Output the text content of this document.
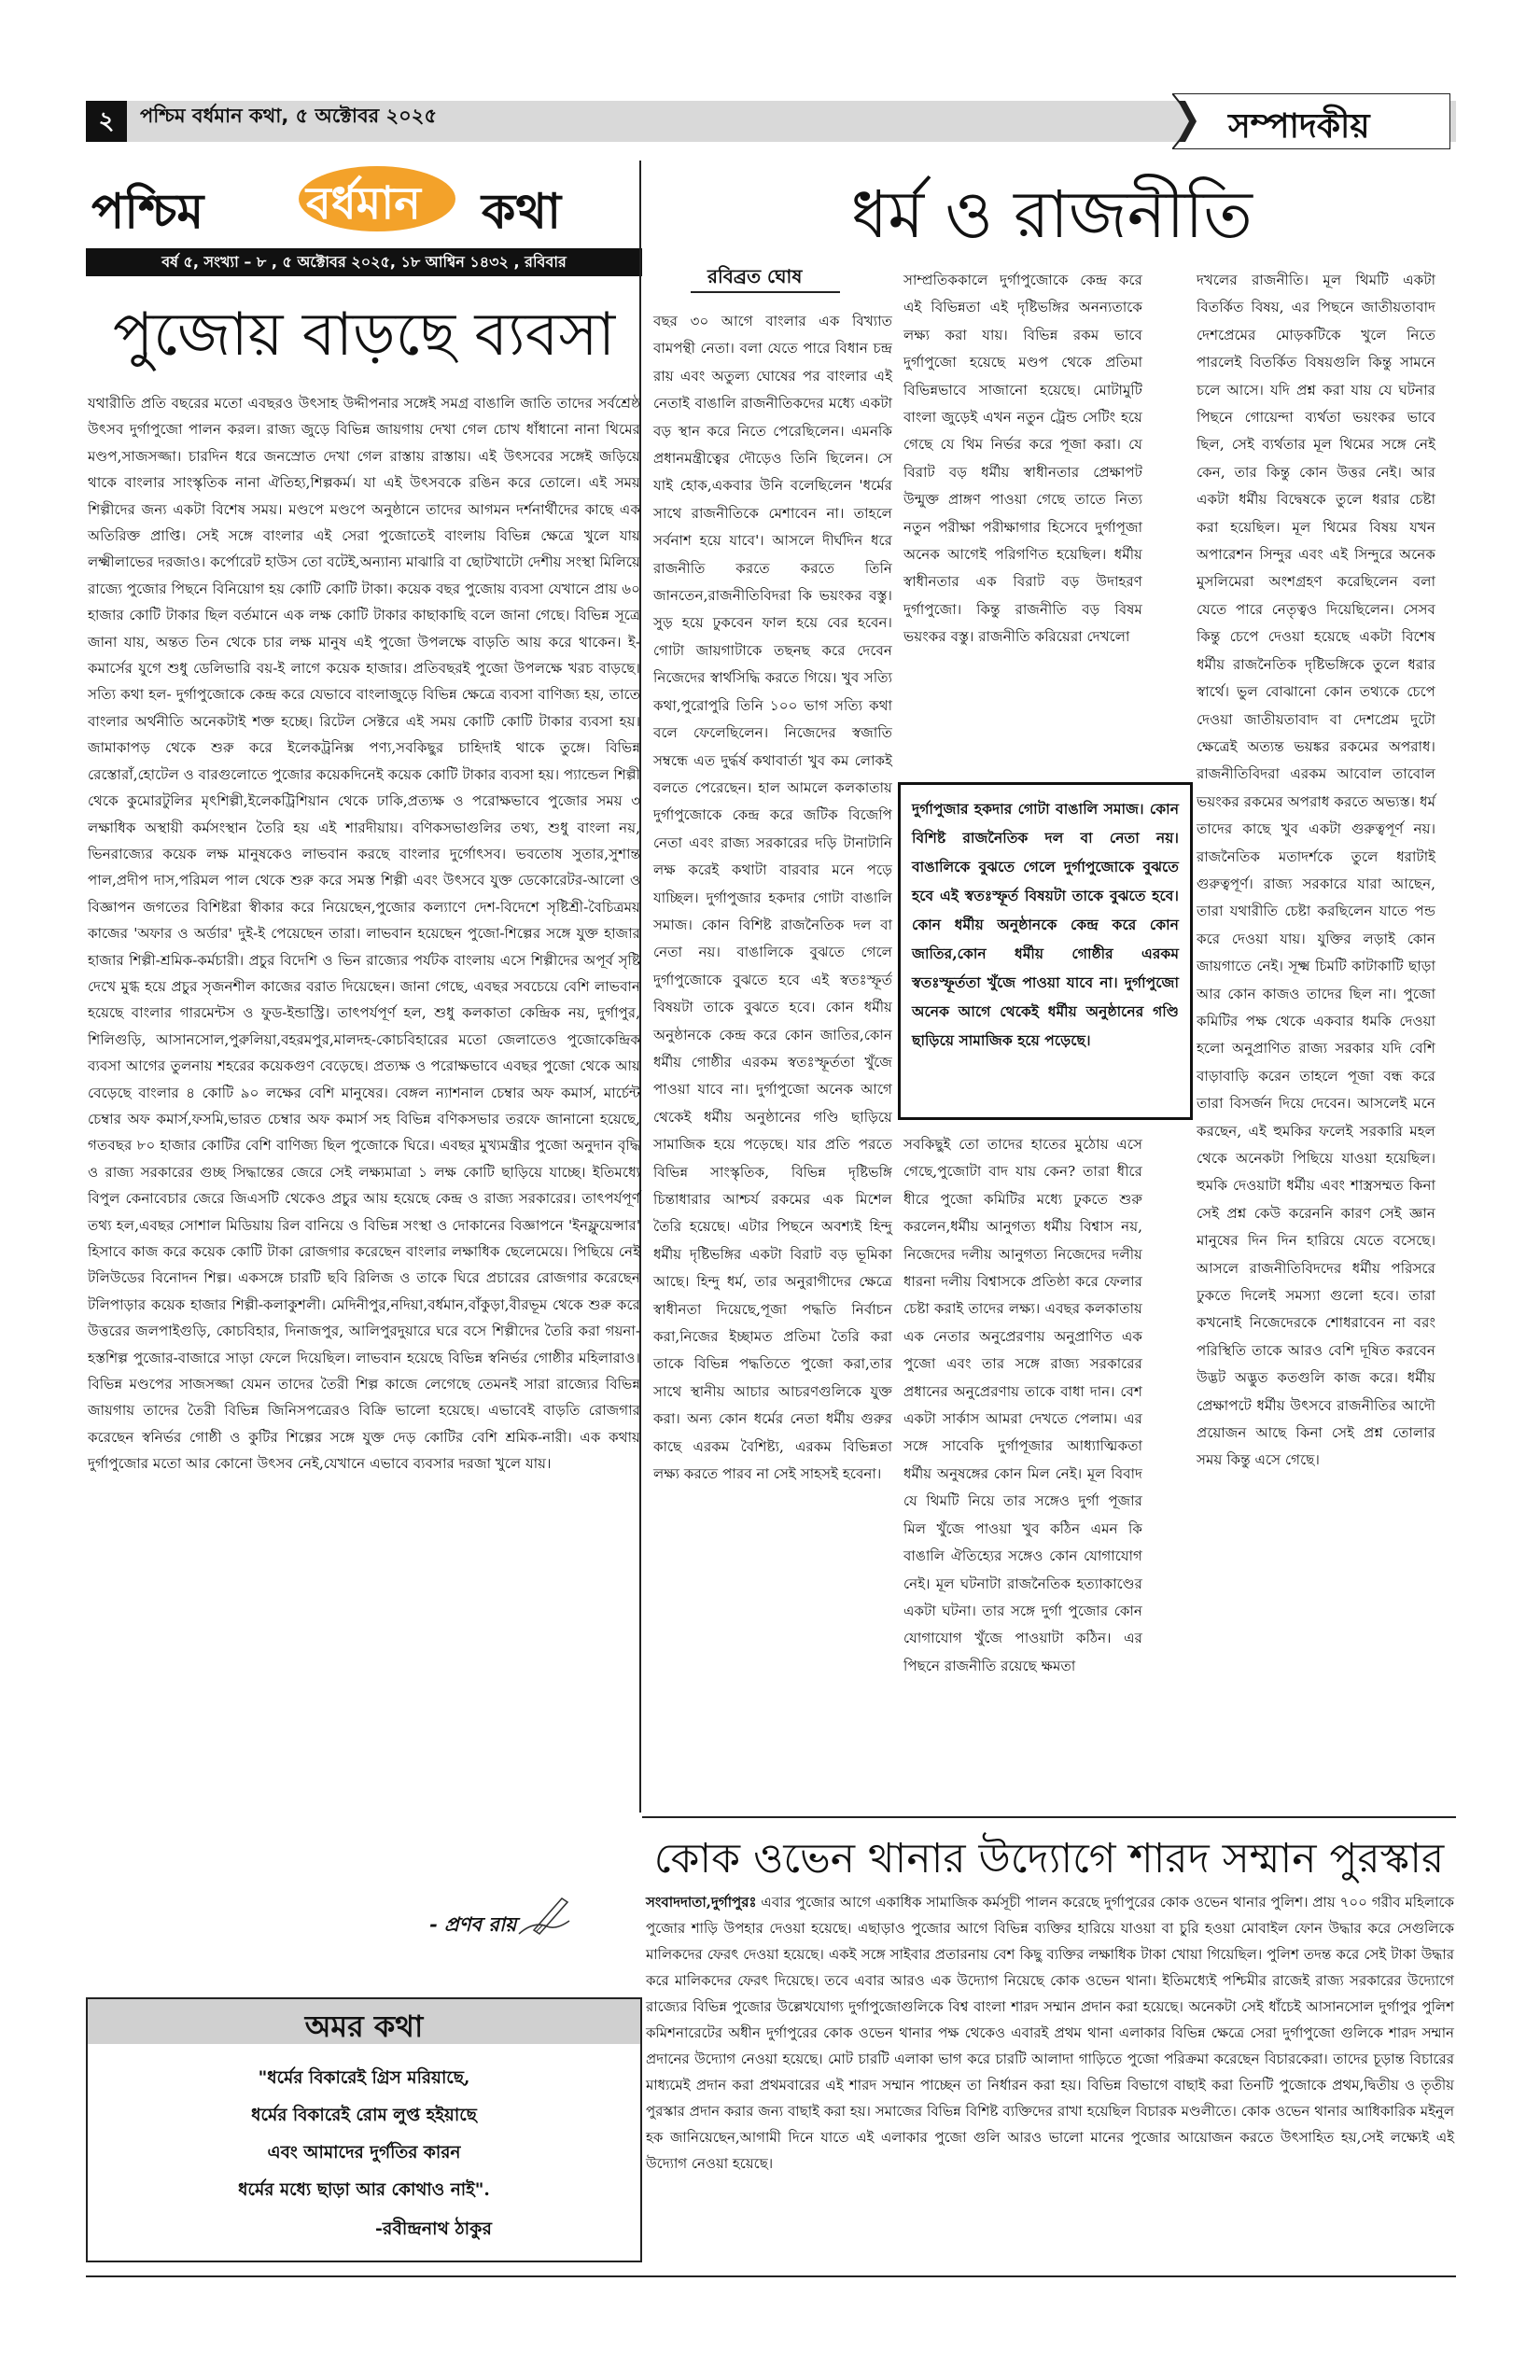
২	পশ্চিম বর্ধমান কথা, ৫ অক্টোবর ২০২৫	সম্পাদকীয়
পশ্চিম বর্ধমান কথা
বর্ষ ৫, সংখ্যা – ৮ , ৫ অক্টোবর ২০২৫, ১৮ আশ্বিন ১৪৩২ , রবিবার
পুজোয় বাড়ছে ব্যবসা
যথারীতি প্রতি বছরের মতো এবছরও উৎসাহ উদ্দীপনার সঙ্গেই সমগ্র বাঙালি জাতি তাদের সর্বশ্রেষ্ঠ উৎসব দুর্গাপুজো পালন করল। রাজ্য জুড়ে বিভিন্ন জায়গায় দেখা গেল চোখ ধাঁধানো নানা থিমের মণ্ডপ,সাজসজ্জা। চারদিন ধরে জনস্রোত দেখা গেল রাস্তায় রাস্তায়। এই উৎসবের সঙ্গেই জড়িয়ে থাকে বাংলার সাংস্কৃতিক নানা ঐতিহ্য,শিল্পকর্ম। যা এই উৎসবকে রঙিন করে তোলে। এই সময় শিল্পীদের জন্য একটা বিশেষ সময়। মণ্ডপে মণ্ডপে অনুষ্ঠানে তাদের আগমন দর্শনার্থীদের কাছে এক অতিরিক্ত প্রাপ্তি। সেই সঙ্গে বাংলার এই সেরা পুজোতেই বাংলায় বিভিন্ন ক্ষেত্রে খুলে যায় লক্ষ্মীলাভের দরজাও। কর্পোরেট হাউস তো বটেই,অন্যান্য মাঝারি বা ছোটখাটো দেশীয় সংস্থা মিলিয়ে রাজ্যে পুজোর পিছনে বিনিয়োগ হয় কোটি কোটি টাকা। কয়েক বছর পুজোয় ব্যবসা যেখানে প্রায় ৬০ হাজার কোটি টাকার ছিল বর্তমানে এক লক্ষ কোটি টাকার কাছাকাছি বলে জানা গেছে। বিভিন্ন সূত্রে জানা যায়, অন্তত তিন থেকে চার লক্ষ মানুষ এই পুজো উপলক্ষে বাড়তি আয় করে থাকেন। ই-কমার্সের যুগে শুধু ডেলিভারি বয়-ই লাগে কয়েক হাজার। প্রতিবছরই পুজো উপলক্ষে খরচ বাড়ছে। সত্যি কথা হল- দুর্গাপুজোকে কেন্দ্র করে যেভাবে বাংলাজুড়ে বিভিন্ন ক্ষেত্রে ব্যবসা বাণিজ্য হয়, তাতে বাংলার অর্থনীতি অনেকটাই শক্ত হচ্ছে। রিটেল সেক্টরে এই সময় কোটি কোটি টাকার ব্যবসা হয়। জামাকাপড় থেকে শুরু করে ইলেকট্রনিক্স পণ্য,সবকিছুর চাহিদাই থাকে তুঙ্গে। বিভিন্ন রেস্তোরাঁ,হোটেল ও বারগুলোতে পুজোর কয়েকদিনেই কয়েক কোটি টাকার ব্যবসা হয়। প্যান্ডেল শিল্পী থেকে কুমোরটুলির মৃৎশিল্পী,ইলেকট্রিশিয়ান থেকে ঢাকি,প্রত্যক্ষ ও পরোক্ষভাবে পুজোর সময় ৩ লক্ষাধিক অস্থায়ী কর্মসংস্থান তৈরি হয় এই শারদীয়ায়। বণিকসভাগুলির তথ্য, শুধু বাংলা নয়, ভিনরাজ্যের কয়েক লক্ষ মানুষকেও লাভবান করছে বাংলার দুর্গোৎসব। ভবতোষ সুতার,সুশান্ত পাল,প্রদীপ দাস,পরিমল পাল থেকে শুরু করে সমস্ত শিল্পী এবং উৎসবে যুক্ত ডেকোরেটর-আলো ও বিজ্ঞাপন জগতের বিশিষ্টরা স্বীকার করে নিয়েছেন,পুজোর কল্যাণে দেশ-বিদেশে সৃষ্টিশ্রী-বৈচিত্রময় কাজের 'অফার ও অর্ডার' দুই-ই পেয়েছেন তারা। লাভবান হয়েছেন পুজো-শিল্পের সঙ্গে যুক্ত হাজার হাজার শিল্পী-শ্রমিক-কর্মচারী। প্রচুর বিদেশি ও ভিন রাজ্যের পর্যটক বাংলায় এসে শিল্পীদের অপূর্ব সৃষ্টি দেখে মুগ্ধ হয়ে প্রচুর সৃজনশীল কাজের বরাত দিয়েছেন। জানা গেছে, এবছর সবচেয়ে বেশি লাভবান হয়েছে বাংলার গারমেন্টস ও ফুড-ইন্ডাস্ট্রি। তাৎপর্যপূর্ণ হল, শুধু কলকাতা কেন্দ্রিক নয়, দুর্গাপুর, শিলিগুড়ি, আসানসোল,পুরুলিয়া,বহরমপুর,মালদহ-কোচবিহারের মতো জেলাতেও পুজোকেন্দ্রিক ব্যবসা আগের তুলনায় শহরের কয়েকগুণ বেড়েছে। প্রত্যক্ষ ও পরোক্ষভাবে এবছর পুজো থেকে আয় বেড়েছে বাংলার ৪ কোটি ৯০ লক্ষের বেশি মানুষের। বেঙ্গল ন্যাশনাল চেম্বার অফ কমার্স, মার্চেন্ট চেম্বার অফ কমার্স,ফসমি,ভারত চেম্বার অফ কমার্স সহ বিভিন্ন বণিকসভার তরফে জানানো হয়েছে, গতবছর ৮০ হাজার কোটির বেশি বাণিজ্য ছিল পুজোকে ঘিরে। এবছর মুখ্যমন্ত্রীর পুজো অনুদান বৃদ্ধি ও রাজ্য সরকারের গুচ্ছ সিদ্ধান্তের জেরে সেই লক্ষ্যমাত্রা ১ লক্ষ কোটি ছাড়িয়ে যাচ্ছে। ইতিমধ্যে বিপুল কেনাবেচার জেরে জিএসটি থেকেও প্রচুর আয় হয়েছে কেন্দ্র ও রাজ্য সরকারের। তাৎপর্যপূর্ণ তথ্য হল,এবছর সোশাল মিডিয়ায় রিল বানিয়ে ও বিভিন্ন সংস্থা ও দোকানের বিজ্ঞাপনে 'ইনফ্লুয়েন্সার' হিসাবে কাজ করে কয়েক কোটি টাকা রোজগার করেছেন বাংলার লক্ষাধিক ছেলেমেয়ে। পিছিয়ে নেই টলিউডের বিনোদন শিল্প। একসঙ্গে চারটি ছবি রিলিজ ও তাকে ঘিরে প্রচারের রোজগার করেছেন টলিপাড়ার কয়েক হাজার শিল্পী-কলাকুশলী। মেদিনীপুর,নদিয়া,বর্ধমান,বাঁকুড়া,বীরভূম থেকে শুরু করে উত্তরের জলপাইগুড়ি, কোচবিহার, দিনাজপুর, আলিপুরদুয়ারে ঘরে বসে শিল্পীদের তৈরি করা গয়না-হস্তশিল্প পুজোর-বাজারে সাড়া ফেলে দিয়েছিল। লাভবান হয়েছে বিভিন্ন স্বনির্ভর গোষ্ঠীর মহিলারাও। বিভিন্ন মণ্ডপের সাজসজ্জা যেমন তাদের তৈরী শিল্প কাজে লেগেছে তেমনই সারা রাজ্যের বিভিন্ন জায়গায় তাদের তৈরী বিভিন্ন জিনিসপত্রেরও বিক্রি ভালো হয়েছে। এভাবেই বাড়তি রোজগার করেছেন স্বনির্ভর গোষ্ঠী ও কুটির শিল্পের সঙ্গে যুক্ত দেড় কোটির বেশি শ্রমিক-নারী। এক কথায় দুর্গাপুজোর মতো আর কোনো উৎসব নেই,যেখানে এভাবে ব্যবসার দরজা খুলে যায়।
- প্রণব রায়
অমর কথা
"ধর্মের বিকারেই গ্রিস মরিয়াছে,
ধর্মের বিকারেই রোম লুপ্ত হইয়াছে
এবং আমাদের দুর্গতির কারন
ধর্মের মধ্যে ছাড়া আর কোথাও নাই".
-রবীন্দ্রনাথ ঠাকুর
ধর্ম ও রাজনীতি
রবিব্রত ঘোষ
বছর ৩০ আগে বাংলার এক বিখ্যাত বামপন্থী নেতা। বলা যেতে পারে বিধান চন্দ্র রায় এবং অতুল্য ঘোষের পর বাংলার এই নেতাই বাঙালি রাজনীতিকদের মধ্যে একটা বড় স্থান করে নিতে পেরেছিলেন। এমনকি প্রধানমন্ত্রীত্বের দৌড়েও তিনি ছিলেন। সে যাই হোক,একবার উনি বলেছিলেন 'ধর্মের সাথে রাজনীতিকে মেশাবেন না। তাহলে সর্বনাশ হয়ে যাবে'। আসলে দীর্ঘদিন ধরে রাজনীতি করতে করতে তিনি জানতেন,রাজনীতিবিদরা কি ভয়ংকর বস্তু। সুড় হয়ে ঢুকবেন ফাল হয়ে বের হবেন। গোটা জায়গাটাকে তছনছ করে দেবেন নিজেদের স্বার্থসিদ্ধি করতে গিয়ে। খুব সত্যি কথা,পুরোপুরি তিনি ১০০ ভাগ সত্যি কথা বলে ফেলেছিলেন। নিজেদের স্বজাতি সম্বন্ধে এত দুর্দ্ধর্ষ কথাবার্তা খুব কম লোকই বলতে পেরেছেন। হাল আমলে কলকাতায় দুর্গাপুজোকে কেন্দ্র করে জটিক বিজেপি নেতা এবং রাজ্য সরকারের দড়ি টানাটানি লক্ষ করেই কথাটা বারবার মনে পড়ে যাচ্ছিল। দুর্গাপুজার হকদার গোটা বাঙালি সমাজ। কোন বিশিষ্ট রাজনৈতিক দল বা নেতা নয়। বাঙালিকে বুঝতে গেলে দুর্গাপুজোকে বুঝতে হবে এই স্বতঃস্ফূর্ত বিষয়টা তাকে বুঝতে হবে। কোন ধর্মীয় অনুষ্ঠানকে কেন্দ্র করে কোন জাতির,কোন ধর্মীয় গোষ্ঠীর এরকম স্বতঃস্ফূর্ততা খুঁজে পাওয়া যাবে না। দুর্গাপুজো অনেক আগে থেকেই ধর্মীয় অনুষ্ঠানের গণ্ডি ছাড়িয়ে সামাজিক হয়ে পড়েছে। যার প্রতি পরতে বিভিন্ন সাংস্কৃতিক, বিভিন্ন দৃষ্টিভঙ্গি চিন্তাধারার আশ্চর্য রকমের এক মিশেল তৈরি হয়েছে। এটার পিছনে অবশ্যই হিন্দু ধর্মীয় দৃষ্টিভঙ্গির একটা বিরাট বড় ভূমিকা আছে। হিন্দু ধর্ম, তার অনুরাগীদের ক্ষেত্রে স্বাধীনতা দিয়েছে,পূজা পদ্ধতি নির্বাচন করা,নিজের ইচ্ছামত প্রতিমা তৈরি করা তাকে বিভিন্ন পদ্ধতিতে পুজো করা,তার সাথে স্থানীয় আচার আচরণগুলিকে যুক্ত করা। অন্য কোন ধর্মের নেতা ধর্মীয় গুরুর কাছে এরকম বৈশিষ্ট্য, এরকম বিভিন্নতা লক্ষ্য করতে পারব না সেই সাহসই হবেনা।
সাম্প্রতিককালে দুর্গাপুজোকে কেন্দ্র করে এই বিভিন্নতা এই দৃষ্টিভঙ্গির অনন্যতাকে লক্ষ্য করা যায়। বিভিন্ন রকম ভাবে দুর্গাপুজো হয়েছে মণ্ডপ থেকে প্রতিমা বিভিন্নভাবে সাজানো হয়েছে। মোটামুটি বাংলা জুড়েই এখন নতুন ট্রেন্ড সেটিং হয়ে গেছে যে থিম নির্ভর করে পূজা করা। যে বিরাট বড় ধর্মীয় স্বাধীনতার প্রেক্ষাপট উন্মুক্ত প্রাঙ্গণ পাওয়া গেছে তাতে নিত্য নতুন পরীক্ষা পরীক্ষাগার হিসেবে দুর্গাপূজা অনেক আগেই পরিগণিত হয়েছিল। ধর্মীয় স্বাধীনতার এক বিরাট বড় উদাহরণ দুর্গাপুজো। কিন্তু রাজনীতি বড় বিষম ভয়ংকর বস্তু। রাজনীতি করিয়েরা দেখলো
দুর্গাপুজার হকদার গোটা বাঙালি সমাজ। কোন বিশিষ্ট রাজনৈতিক দল বা নেতা নয়। বাঙালিকে বুঝতে গেলে দুর্গাপুজোকে বুঝতে হবে এই স্বতঃস্ফূর্ত বিষয়টা তাকে বুঝতে হবে। কোন ধর্মীয় অনুষ্ঠানকে কেন্দ্র করে কোন জাতির,কোন ধর্মীয় গোষ্ঠীর এরকম স্বতঃস্ফূর্ততা খুঁজে পাওয়া যাবে না। দুর্গাপুজো অনেক আগে থেকেই ধর্মীয় অনুষ্ঠানের গণ্ডি ছাড়িয়ে সামাজিক হয়ে পড়েছে।
সবকিছুই তো তাদের হাতের মুঠোয় এসে গেছে,পুজোটা বাদ যায় কেন? তারা ধীরে ধীরে পুজো কমিটির মধ্যে ঢুকতে শুরু করলেন,ধর্মীয় আনুগত্য ধর্মীয় বিশ্বাস নয়, নিজেদের দলীয় আনুগত্য নিজেদের দলীয় ধারনা দলীয় বিশ্বাসকে প্রতিষ্ঠা করে ফেলার চেষ্টা করাই তাদের লক্ষ্য। এবছর কলকাতায় এক নেতার অনুপ্রেরণায় অনুপ্রাণিত এক পুজো এবং তার সঙ্গে রাজ্য সরকারের প্রধানের অনুপ্রেরণায় তাকে বাধা দান। বেশ একটা সার্কাস আমরা দেখতে পেলাম। এর সঙ্গে সাবেকি দুর্গাপূজার আধ্যাত্মিকতা ধর্মীয় অনুষঙ্গের কোন মিল নেই। মূল বিবাদ যে থিমটি নিয়ে তার সঙ্গেও দুর্গা পূজার মিল খুঁজে পাওয়া খুব কঠিন এমন কি বাঙালি ঐতিহ্যের সঙ্গেও কোন যোগাযোগ নেই। মূল ঘটনাটা রাজনৈতিক হত্যাকাণ্ডের একটা ঘটনা। তার সঙ্গে দুর্গা পুজোর কোন যোগাযোগ খুঁজে পাওয়াটা কঠিন। এর পিছনে রাজনীতি রয়েছে ক্ষমতা
দখলের রাজনীতি। মূল থিমটি একটা বিতর্কিত বিষয়, এর পিছনে জাতীয়তাবাদ দেশপ্রেমের মোড়কটিকে খুলে নিতে পারলেই বিতর্কিত বিষয়গুলি কিন্তু সামনে চলে আসে। যদি প্রশ্ন করা যায় যে ঘটনার পিছনে গোয়েন্দা ব্যর্থতা ভয়ংকর ভাবে ছিল, সেই ব্যর্থতার মূল থিমের সঙ্গে নেই কেন, তার কিন্তু কোন উত্তর নেই। আর একটা ধর্মীয় বিদ্বেষকে তুলে ধরার চেষ্টা করা হয়েছিল। মূল থিমের বিষয় যখন অপারেশন সিন্দুর এবং এই সিন্দুরে অনেক মুসলিমেরা অংশগ্রহণ করেছিলেন বলা যেতে পারে নেতৃত্বও দিয়েছিলেন। সেসব কিন্তু চেপে দেওয়া হয়েছে একটা বিশেষ ধর্মীয় রাজনৈতিক দৃষ্টিভঙ্গিকে তুলে ধরার স্বার্থে। ভুল বোঝানো কোন তথ্যকে চেপে দেওয়া জাতীয়তাবাদ বা দেশপ্রেম দুটো ক্ষেত্রেই অত্যন্ত ভয়ঙ্কর রকমের অপরাধ। রাজনীতিবিদরা এরকম আবোল তাবোল ভয়ংকর রকমের অপরাধ করতে অভ্যস্ত। ধর্ম তাদের কাছে খুব একটা গুরুত্বপূর্ণ নয়। রাজনৈতিক মতাদর্শকে তুলে ধরাটাই গুরুত্বপূর্ণ। রাজ্য সরকারে যারা আছেন, তারা যথারীতি চেষ্টা করছিলেন যাতে পন্ড করে দেওয়া যায়। যুক্তির লড়াই কোন জায়গাতে নেই। সূক্ষ্ম চিমটি কাটাকাটি ছাড়া আর কোন কাজও তাদের ছিল না। পুজো কমিটির পক্ষ থেকে একবার ধমকি দেওয়া হলো অনুপ্রাণিত রাজ্য সরকার যদি বেশি বাড়াবাড়ি করেন তাহলে পূজা বন্ধ করে তারা বিসর্জন দিয়ে দেবেন। আসলেই মনে করছেন, এই হুমকির ফলেই সরকারি মহল থেকে অনেকটা পিছিয়ে যাওয়া হয়েছিল। হুমকি দেওয়াটা ধর্মীয় এবং শাস্ত্রসম্মত কিনা সেই প্রশ্ন কেউ করেননি কারণ সেই জ্ঞান মানুষের দিন দিন হারিয়ে যেতে বসেছে। আসলে রাজনীতিবিদদের ধর্মীয় পরিসরে ঢুকতে দিলেই সমস্যা গুলো হবে। তারা কখনোই নিজেদেরকে শোধরাবেন না বরং পরিস্থিতি তাকে আরও বেশি দূষিত করবেন উদ্ভট অদ্ভুত কতগুলি কাজ করে। ধর্মীয় প্রেক্ষাপটে ধর্মীয় উৎসবে রাজনীতির আদৌ প্রয়োজন আছে কিনা সেই প্রশ্ন তোলার সময় কিন্তু এসে গেছে।
কোক ওভেন থানার উদ্যোগে শারদ সম্মান পুরস্কার
সংবাদদাতা,দুর্গাপুরঃ এবার পুজোর আগে একাধিক সামাজিক কর্মসূচী পালন করেছে দুর্গাপুরের কোক ওভেন থানার পুলিশ। প্রায় ৭০০ গরীব মহিলাকে পুজোর শাড়ি উপহার দেওয়া হয়েছে। এছাড়াও পুজোর আগে বিভিন্ন ব্যক্তির হারিয়ে যাওয়া বা চুরি হওয়া মোবাইল ফোন উদ্ধার করে সেগুলিকে মালিকদের ফেরৎ দেওয়া হয়েছে। একই সঙ্গে সাইবার প্রতারনায় বেশ কিছু ব্যক্তির লক্ষাধিক টাকা খোয়া গিয়েছিল। পুলিশ তদন্ত করে সেই টাকা উদ্ধার করে মালিকদের ফেরৎ দিয়েছে। তবে এবার আরও এক উদ্যোগ নিয়েছে কোক ওভেন থানা। ইতিমধ্যেই পশ্চিমীর রাজেই রাজ্য সরকারের উদ্যোগে রাজ্যের বিভিন্ন পুজোর উল্লেখযোগ্য দুর্গাপুজোগুলিকে বিশ্ব বাংলা শারদ সম্মান প্রদান করা হয়েছে। অনেকটা সেই ধাঁচেই আসানসোল দুর্গাপুর পুলিশ কমিশনারেটের অধীন দুর্গাপুরের কোক ওভেন থানার পক্ষ থেকেও এবারই প্রথম থানা এলাকার বিভিন্ন ক্ষেত্রে সেরা দুর্গাপুজো গুলিকে শারদ সম্মান প্রদানের উদ্যোগ নেওয়া হয়েছে। মোট চারটি এলাকা ভাগ করে চারটি আলাদা গাড়িতে পুজো পরিক্রমা করেছেন বিচারকেরা। তাদের চূড়ান্ত বিচারের মাধ্যমেই প্রদান করা প্রথমবারের এই শারদ সম্মান পাচ্ছেন তা নির্ধারন করা হয়। বিভিন্ন বিভাগে বাছাই করা তিনটি পুজোকে প্রথম,দ্বিতীয় ও তৃতীয় পুরস্কার প্রদান করার জন্য বাছাই করা হয়। সমাজের বিভিন্ন বিশিষ্ট ব্যক্তিদের রাখা হয়েছিল বিচারক মণ্ডলীতে। কোক ওভেন থানার আধিকারিক মইনুল হক জানিয়েছেন,আগামী দিনে যাতে এই এলাকার পুজো গুলি আরও ভালো মানের পুজোর আয়োজন করতে উৎসাহিত হয়,সেই লক্ষ্যেই এই উদ্যোগ নেওয়া হয়েছে।
